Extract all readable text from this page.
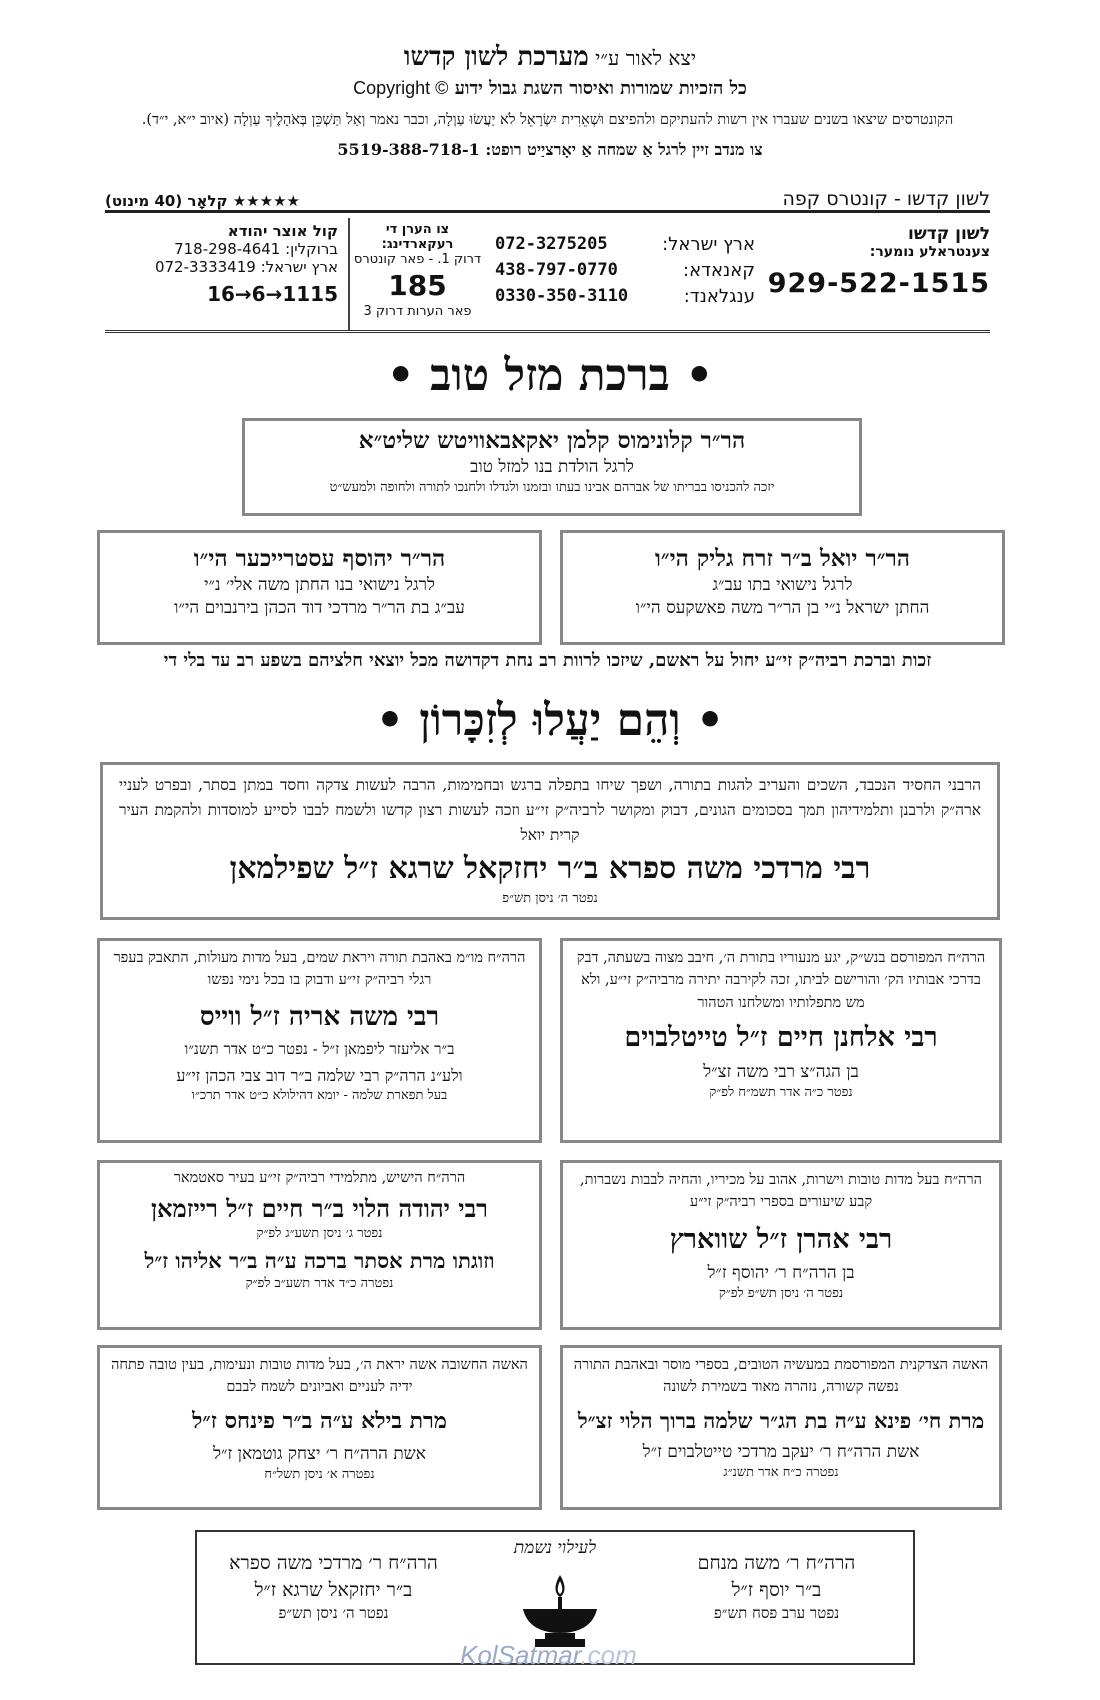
יצא לאור ע״י מערכת לשון קדשו
כל הזכיות שמורות ואיסור השגת גבול ידוע Copyright ©
הקונטרסים שיצאו בשנים שעברו אין רשות להעתיקם ולהפיצם וּשְׁאֵרִית יִשְׂרָאֵל לֹא יַעֲשׂוּ עַוְלָה, וכבר נאמר וְאַל תַּשְׁכֵּן בְּאֹהָלֶיךָ עַוְלָה (איוב י״א, י״ד).
צו מנדב זיין לרגל אַ שמחה אַ יאָרציַיט רופט: 5519-388-718-1
לשון קדשו - קונטרס קפה
★★★★★ קלאָר (40 מינוט)
לשון קדשו
צענטראלע נומער:
929-522-1515
ארץ ישראל:
072-3275205
קאנאדא:
438-797-0770
ענגלאנד:
0330-350-3110
צו הערן די רעקארדינג:
דרוק 1. - פאר קונטרס
185
פאר הערות דרוק 3
קול אוצר יהודא
ברוקלין: 718-298-4641
ארץ ישראל: 072-3333419
16→6→1115
• ברכת מזל טוב •
הר״ר קלונימוס קלמן יאקאבאוויטש שליט״א
לרגל הולדת בנו למזל טוב
יזכה להכניסו בבריתו של אברהם אבינו בעתו ובזמנו ולגדלו ולחנכו לתורה ולחופה ולמעש״ט
הר״ר יואל ב״ר זרח גליק הי״ו
לרגל נישואי בתו עב״ג
החתן ישראל נ״י בן הר״ר משה פאשקעס הי״ו
הר״ר יהוסף עסטרייכער הי״ו
לרגל נישואי בנו החתן משה אלי׳ נ״י
עב״ג בת הר״ר מרדכי דוד הכהן בירנבוים הי״ו
זכות וברכת רביה״ק זי״ע יחול על ראשם, שיזכו לרוות רב נחת דקדושה מכל יוצאי חלציהם בשפע רב עד בלי די
• וְהֵם יַעֲלוּ לְזִכָּרוֹן •
הרבני החסיד הנכבד, השכים והעריב להגות בתורה, ושפך שיחו בתפלה ברגש ובחמימות, הרבה לעשות צדקה וחסד במתן בסתר, ובפרט לעניי ארה״ק ולרבנן ותלמידיהון תמך בסכומים הגונים, דבוק ומקושר לרביה״ק זי״ע וזכה לעשות רצון קדשו ולשמח לבבו לסייע למוסדות ולהקמת העיר קרית יואל
רבי מרדכי משה ספרא ב״ר יחזקאל שרגא ז״ל שפילמאן
נפטר ה׳ ניסן תש״פ
הרה״ח המפורסם בנש״ק, יגע מנעוריו בתורת ה׳, חיבב מצוה בשעתה, דבק בדרכי אבותיו הק׳ והורישם לביתו, זכה לקירבה יתירה מרביה״ק זי״ע, ולא מש מתפלותיו ומשלחנו הטהור
רבי אלחנן חיים ז״ל טייטלבוים
בן הגה״צ רבי משה זצ״ל
נפטר כ״ה אדר תשמ״ח לפ״ק
הרה״ח מו״מ באהבת תורה ויראת שמים, בעל מדות מעולות, התאבק בעפר רגלי רביה״ק זי״ע ודבוק בו בכל נימי נפשו
רבי משה אריה ז״ל ווייס
ב״ר אליעזר ליפמאן ז״ל - נפטר כ״ט אדר תשנ״ו
ולע״נ הרה״ק רבי שלמה ב״ר דוב צבי הכהן זי״ע
בעל תפארת שלמה - יומא דהילולא כ״ט אדר תרכ״ו
הרה״ח בעל מדות טובות וישרות, אהוב על מכיריו, והחיה לבבות נשברות, קבע שיעורים בספרי רביה״ק זי״ע
רבי אהרן ז״ל שווארץ
בן הרה״ח ר׳ יהוסף ז״ל
נפטר ה׳ ניסן תש״פ לפ״ק
הרה״ח הישיש, מתלמידי רביה״ק זי״ע בעיר סאטמאר
רבי יהודה הלוי ב״ר חיים ז״ל רייזמאן
נפטר ג׳ ניסן תשע״ג לפ״ק
וזוגתו מרת אסתר ברכה ע״ה ב״ר אליהו ז״ל
נפטרה כ״ד אדר תשע״ב לפ״ק
האשה הצדקנית המפורסמת במעשיה הטובים, בספרי מוסר ובאהבת התורה נפשה קשורה, נזהרה מאוד בשמירת לשונה
מרת חי׳ פינא ע״ה בת הג״ר שלמה ברוך הלוי זצ״ל
אשת הרה״ח ר׳ יעקב מרדכי טייטלבוים ז״ל
נפטרה כ״ח אדר תשנ״ג
האשה החשובה אשה יראת ה׳, בעל מדות טובות ונעימות, בעין טובה פתחה ידיה לעניים ואביונים לשמח לבבם
מרת בילא ע״ה ב״ר פינחס ז״ל
אשת הרה״ח ר׳ יצחק גוטמאן ז״ל
נפטרה א׳ ניסן תשל״ח
הרה״ח ר׳ משה מנחם
ב״ר יוסף ז״ל
נפטר ערב פסח תש״פ
לעילוי נשמת
הרה״ח ר׳ מרדכי משה ספרא
ב״ר יחזקאל שרגא ז״ל
נפטר ה׳ ניסן תש״פ
KolSatmar.com
